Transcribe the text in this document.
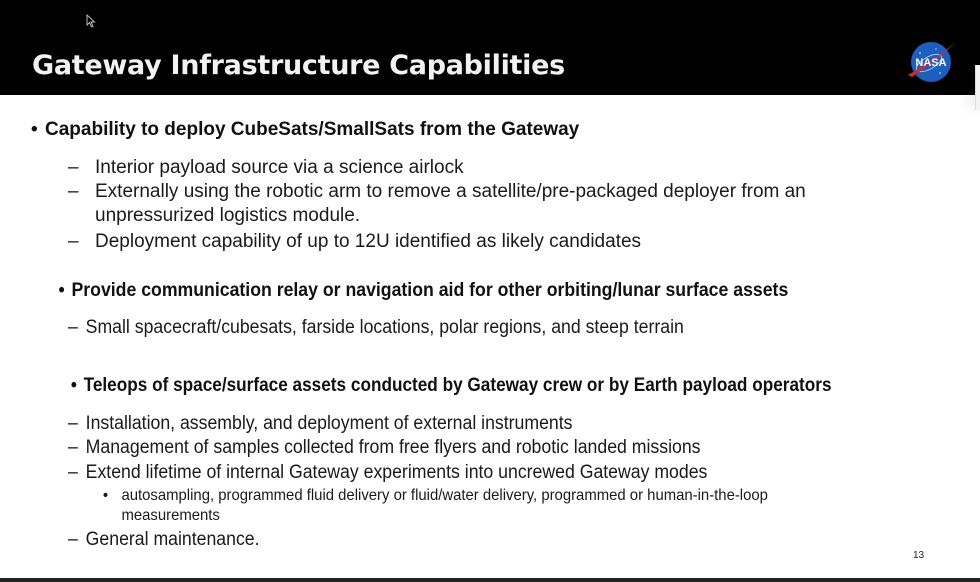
Gateway Infrastructure Capabilities	NASA
• Capability to deploy CubeSats/SmallSats from the Gateway
– Interior payload source via a science airlock
– Externally using the robotic arm to remove a satellite/pre-packaged deployer from an
unpressurized logistics module.
– Deployment capability of up to 12U identified as likely candidates
• Provide communication relay or navigation aid for other orbiting/lunar surface assets
– Small spacecraft/cubesats, farside locations, polar regions, and steep terrain
• Teleops of space/surface assets conducted by Gateway crew or by Earth payload operators
– Installation, assembly, and deployment of external instruments
– Management of samples collected from free flyers and robotic landed missions
– Extend lifetime of internal Gateway experiments into uncrewed Gateway modes
• autosampling, programmed fluid delivery or fluid/water delivery, programmed or human-in-the-loop
measurements
– General maintenance.
13
